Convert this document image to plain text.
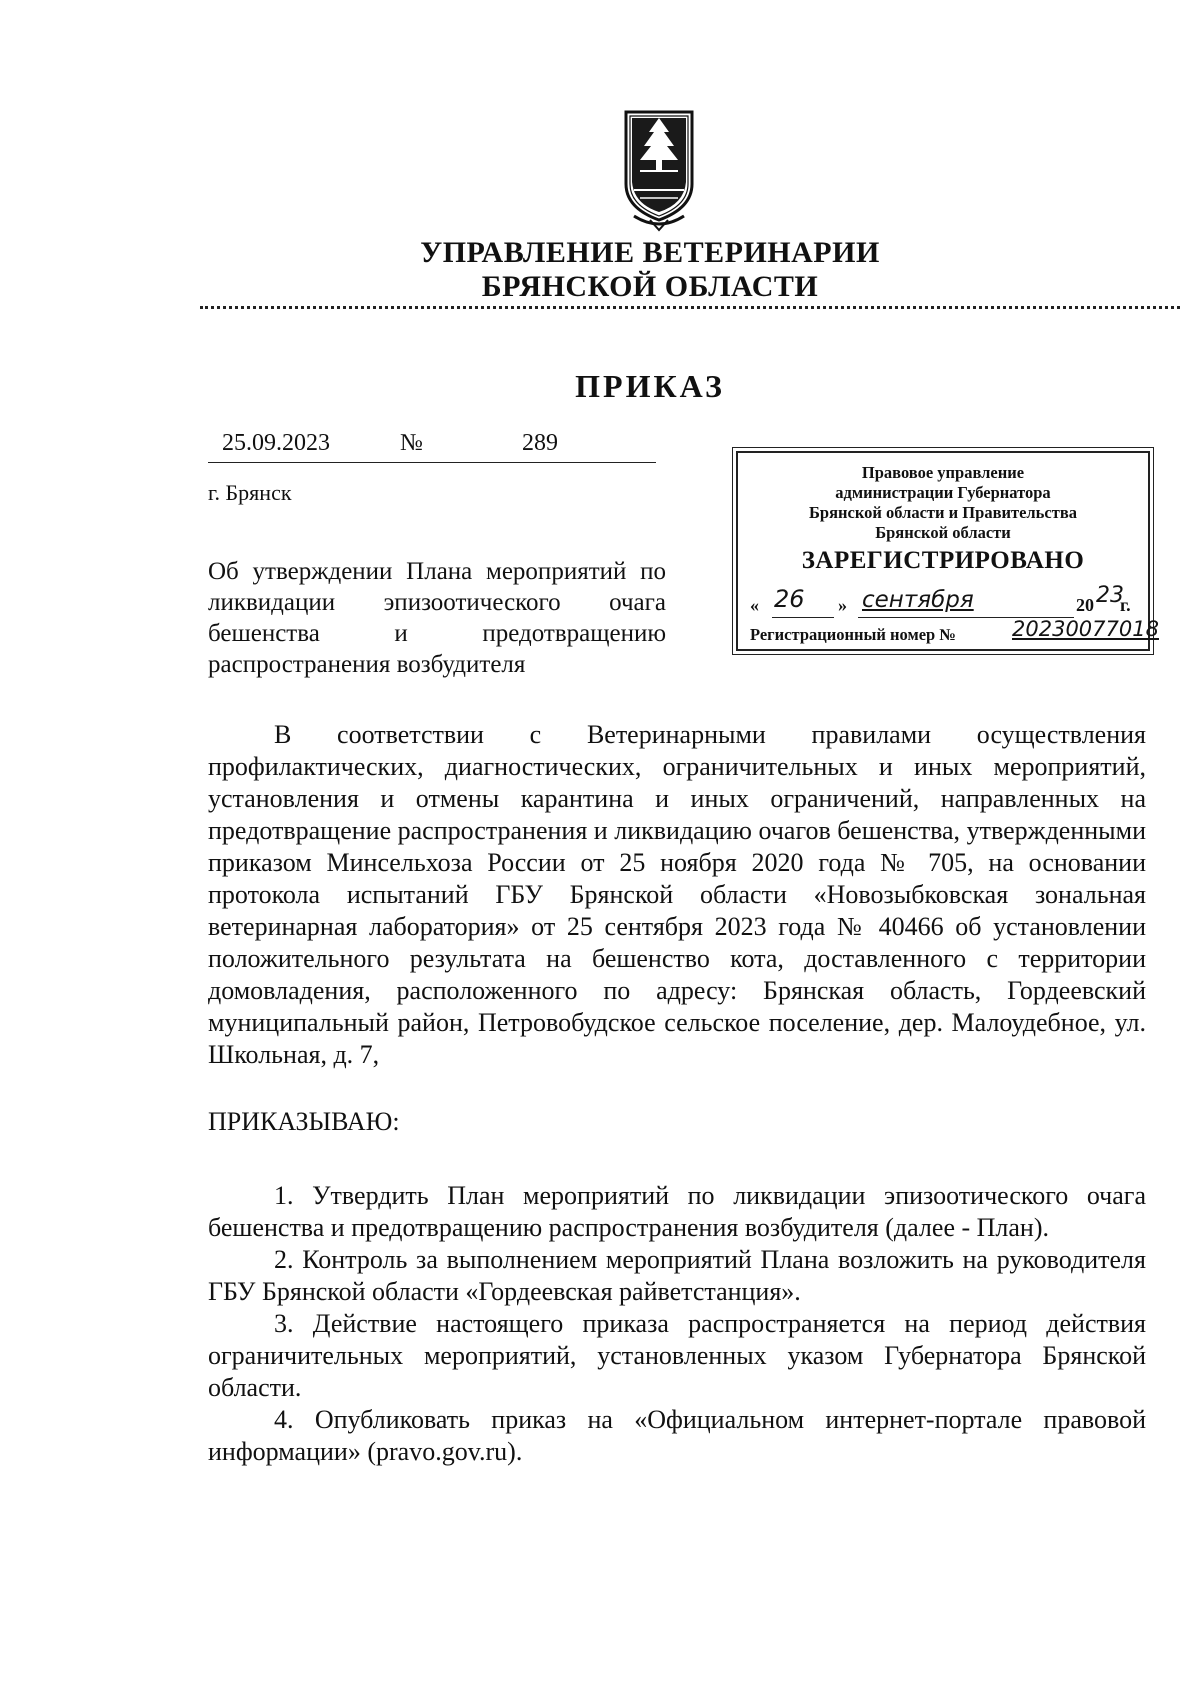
УПРАВЛЕНИЕ ВЕТЕРИНАРИИ
БРЯНСКОЙ ОБЛАСТИ
ПРИКАЗ
25.09.2023	№	289
г. Брянск
Об утверждении Плана мероприятий по ликвидации эпизоотического очага бешенства и предотвращению распространения возбудителя
Правовое управление
администрации Губернатора
Брянской области и Правительства
Брянской области
ЗАРЕГИСТРИРОВАНО
« 26 » сентября	20 23
г.
Регистрационный номер №	20230077018

В соответствии с Ветеринарными правилами осуществления профилактических, диагностических, ограничительных и иных мероприятий, установления и отмены карантина и иных ограничений, направленных на предотвращение распространения и ликвидацию очагов бешенства, утвержденными приказом Минсельхоза России от 25 ноября 2020 года № 705, на основании протокола испытаний ГБУ Брянской области «Новозыбковская зональная ветеринарная лаборатория» от 25 сентября 2023 года № 40466 об установлении положительного результата на бешенство кота, доставленного с территории домовладения, расположенного по адресу: Брянская область, Гордеевский муниципальный район, Петровобудское сельское поселение, дер. Малоудебное, ул. Школьная, д. 7,

ПРИКАЗЫВАЮ:

1. Утвердить План мероприятий по ликвидации эпизоотического очага бешенства и предотвращению распространения возбудителя (далее - План).

2. Контроль за выполнением мероприятий Плана возложить на руководителя ГБУ Брянской области «Гордеевская райветстанция».

3. Действие настоящего приказа распространяется на период действия ограничительных мероприятий, установленных указом Губернатора Брянской области.

4. Опубликовать приказ на «Официальном интернет-портале правовой информации» (pravo.gov.ru).
